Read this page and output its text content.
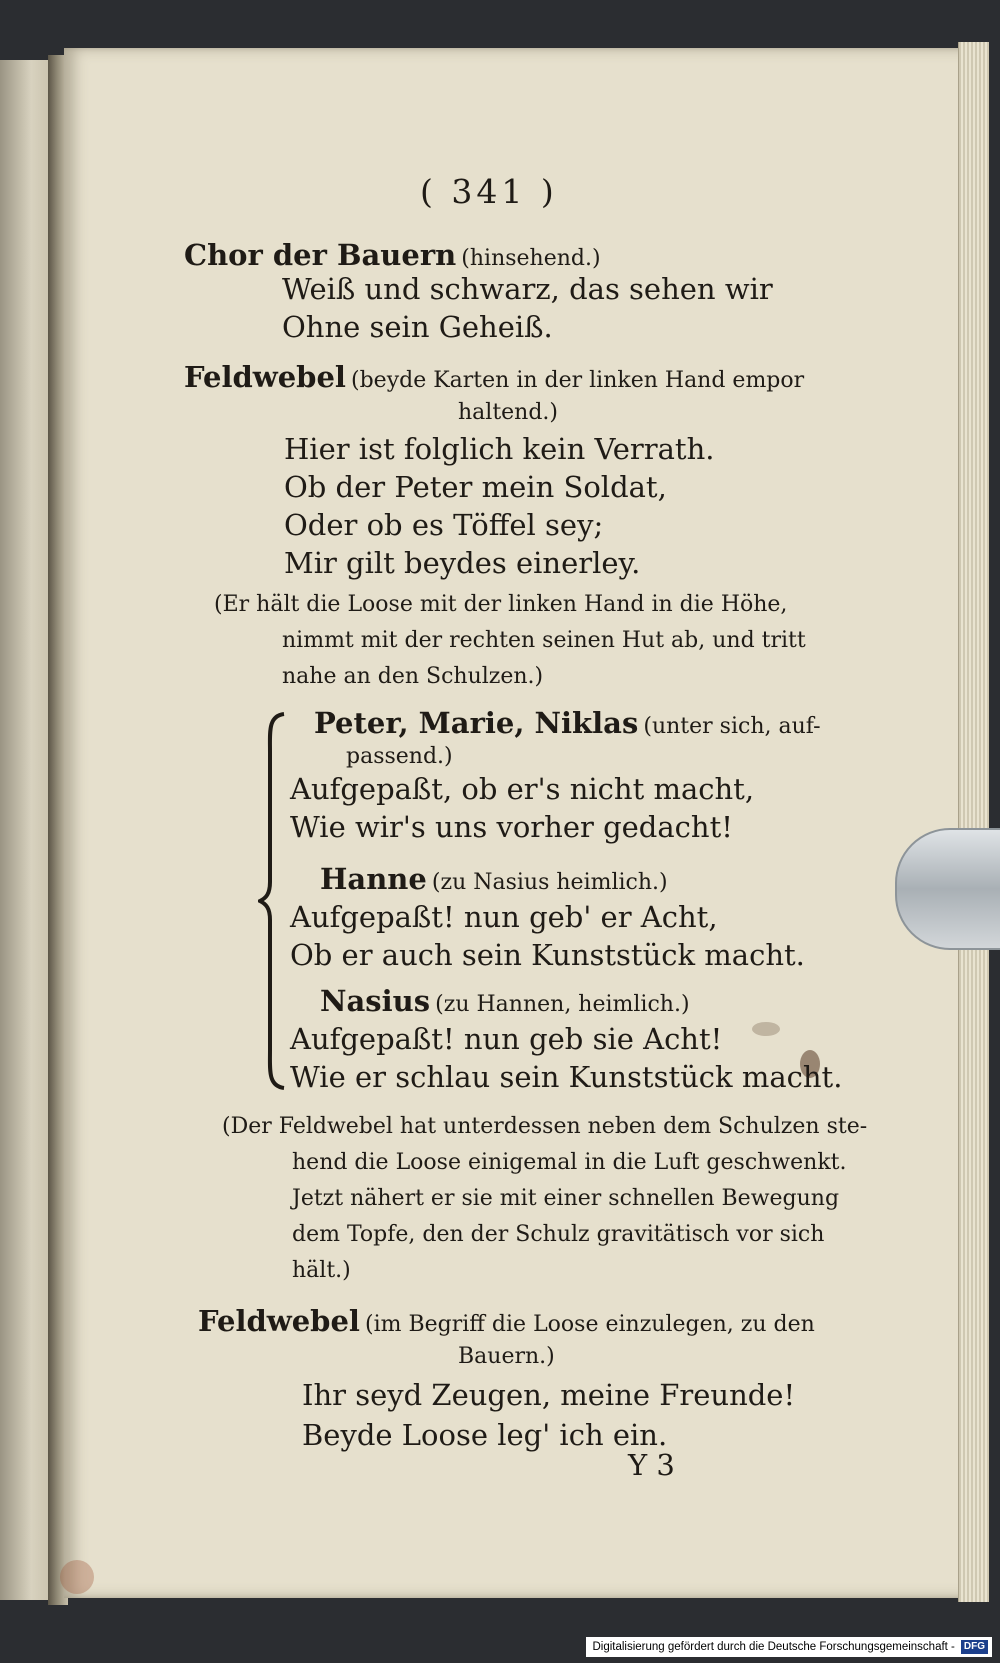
( 341 )
Chor der Bauern (hinsehend.)
Weiß und schwarz, das sehen wir
Ohne sein Geheiß.
Feldwebel (beyde Karten in der linken Hand empor
haltend.)
Hier ist folglich kein Verrath.
Ob der Peter mein Soldat,
Oder ob es Töffel sey;
Mir gilt beydes einerley.
(Er hält die Loose mit der linken Hand in die Höhe,
nimmt mit der rechten seinen Hut ab, und tritt
nahe an den Schulzen.)
Peter, Marie, Niklas (unter sich, auf-
passend.)
Aufgepaßt, ob er's nicht macht,
Wie wir's uns vorher gedacht!
Hanne (zu Nasius heimlich.)
Aufgepaßt! nun geb' er Acht,
Ob er auch sein Kunststück macht.
Nasius (zu Hannen, heimlich.)
Aufgepaßt! nun geb sie Acht!
Wie er schlau sein Kunststück macht.
(Der Feldwebel hat unterdessen neben dem Schulzen ste-
hend die Loose einigemal in die Luft geschwenkt.
Jetzt nähert er sie mit einer schnellen Bewegung
dem Topfe, den der Schulz gravitätisch vor sich
hält.)
Feldwebel (im Begriff die Loose einzulegen, zu den
Bauern.)
Ihr seyd Zeugen, meine Freunde!
Beyde Loose leg' ich ein.
Y 3
Digitalisierung gefördert durch die Deutsche Forschungsgemeinschaft - DFG
